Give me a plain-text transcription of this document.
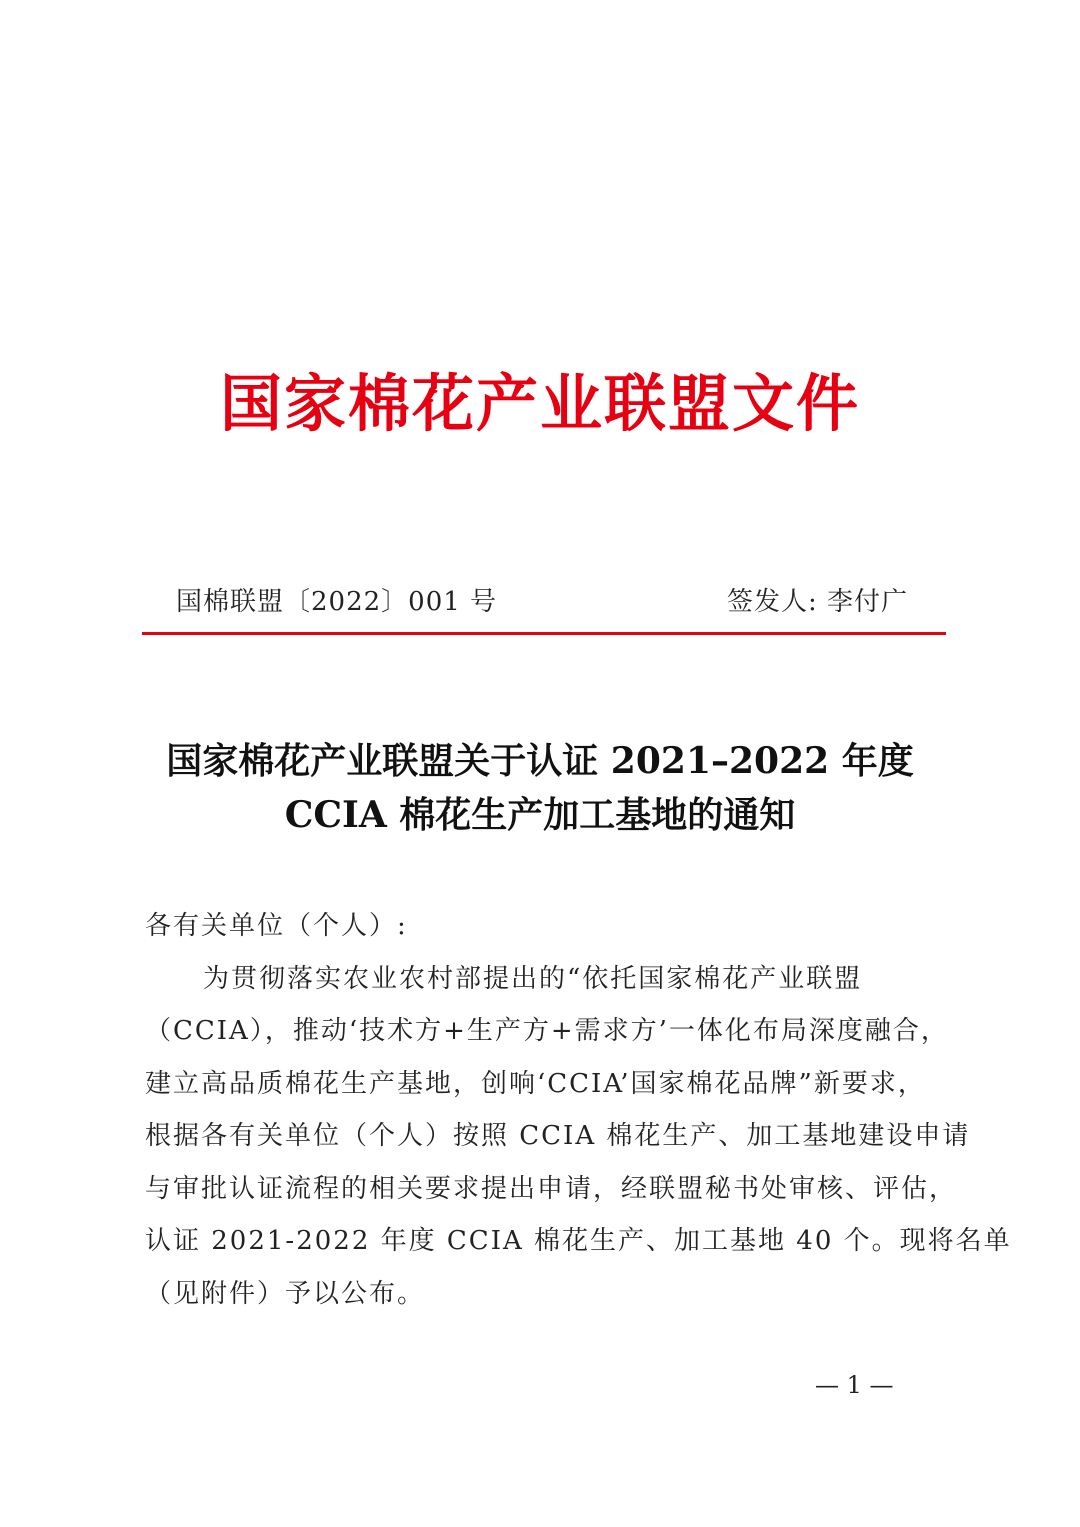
国家棉花产业联盟文件
国棉联盟〔2022〕001 号	签发人: 李付广
国家棉花产业联盟关于认证 2021–2022 年度
CCIA 棉花生产加工基地的通知
各有关单位（个人）:
为贯彻落实农业农村部提出的“依托国家棉花产业联盟
（CCIA），推动‘技术方+生产方+需求方’一体化布局深度融合，
建立高品质棉花生产基地，创响‘CCIA’国家棉花品牌”新要求，
根据各有关单位（个人）按照 CCIA 棉花生产、加工基地建设申请
与审批认证流程的相关要求提出申请，经联盟秘书处审核、评估，
认证 2021-2022 年度 CCIA 棉花生产、加工基地 40 个。现将名单
（见附件）予以公布。
— 1 —
